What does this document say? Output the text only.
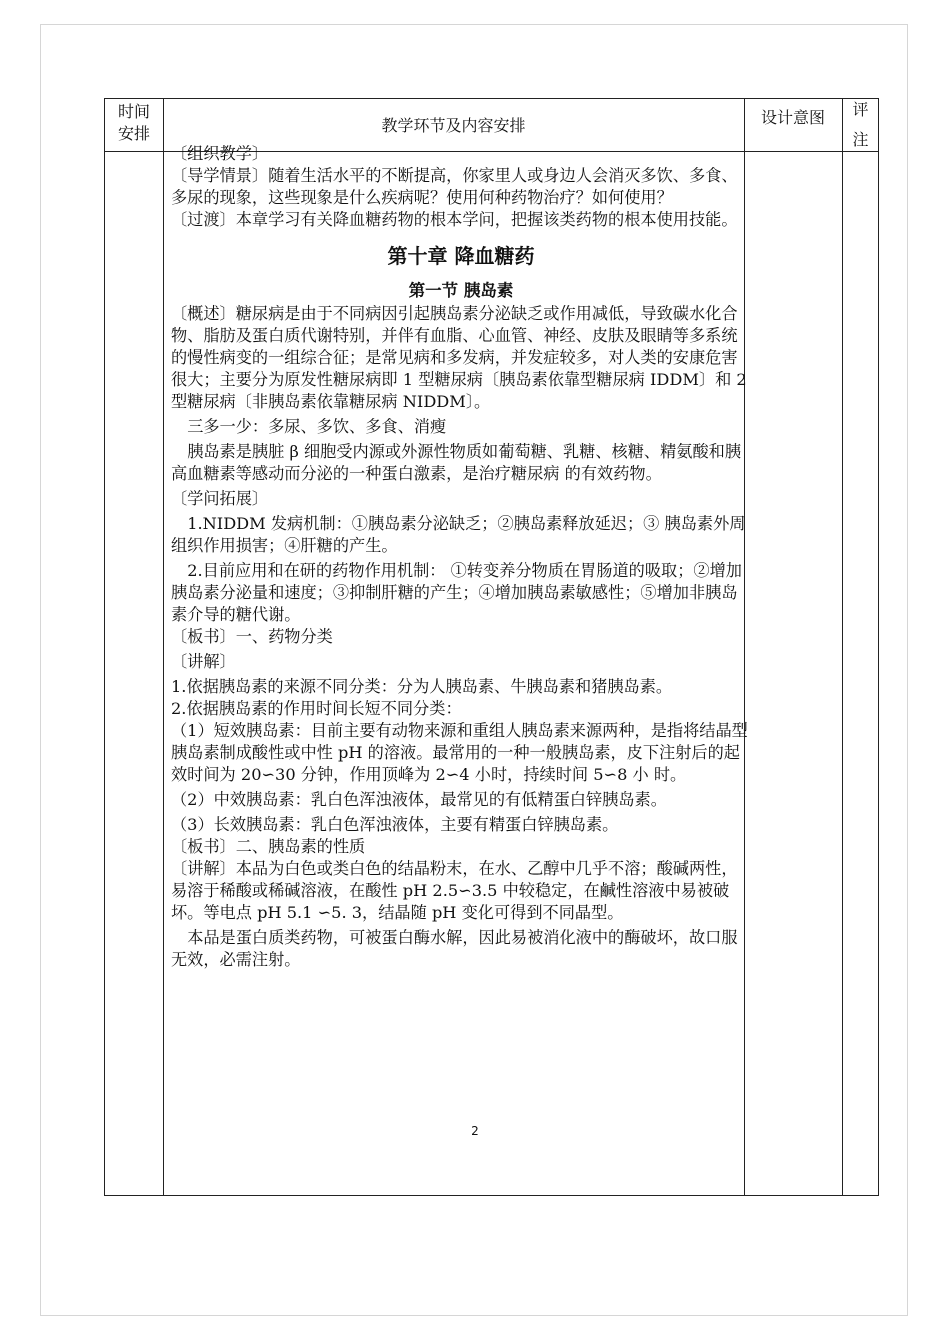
时间
安排	教学环节及内容安排	设计意图	评
注

〔组织教学〕

〔导学情景〕随着生活水平的不断提高，你家里人或身边人会消灭多饮、多食、多尿的现象，这些现象是什么疾病呢？使用何种药物治疗？如何使用？

〔过渡〕本章学习有关降血糖药物的根本学问，把握该类药物的根本使用技能。

第十章 降血糖药

第一节 胰岛素

〔概述〕糖尿病是由于不同病因引起胰岛素分泌缺乏或作用减低，导致碳水化合物、脂肪及蛋白质代谢特别，并伴有血脂、心血管、神经、皮肤及眼睛等多系统的慢性病变的一组综合征；是常见病和多发病，并发症较多，对人类的安康危害很大；主要分为原发性糖尿病即 1 型糖尿病〔胰岛素依靠型糖尿病 IDDM〕和 2 型糖尿病〔非胰岛素依靠糖尿病 NIDDM〕。

三多一少：多尿、多饮、多食、消瘦

胰岛素是胰脏 β 细胞受内源或外源性物质如葡萄糖、乳糖、核糖、精氨酸和胰高血糖素等感动而分泌的一种蛋白激素，是治疗糖尿病 的有效药物。

〔学问拓展〕

1.NIDDM 发病机制：①胰岛素分泌缺乏；②胰岛素释放延迟；③ 胰岛素外周组织作用损害；④肝糖的产生。

2.目前应用和在研的药物作用机制： ①转变养分物质在胃肠道的吸取；②增加胰岛素分泌量和速度；③抑制肝糖的产生；④增加胰岛素敏感性；⑤增加非胰岛素介导的糖代谢。

〔板书〕一、药物分类

〔讲解〕

1.依据胰岛素的来源不同分类：分为人胰岛素、牛胰岛素和猪胰岛素。

2.依据胰岛素的作用时间长短不同分类：

（1）短效胰岛素：目前主要有动物来源和重组人胰岛素来源两种，是指将结晶型胰岛素制成酸性或中性 pH 的溶液。最常用的一种一般胰岛素，皮下注射后的起效时间为 20∽30 分钟，作用顶峰为 2∽4 小时，持续时间 5∽8 小 时。

（2）中效胰岛素：乳白色浑浊液体，最常见的有低精蛋白锌胰岛素。

（3）长效胰岛素：乳白色浑浊液体，主要有精蛋白锌胰岛素。

〔板书〕二、胰岛素的性质

〔讲解〕本品为白色或类白色的结晶粉末，在水、乙醇中几乎不溶；酸碱两性，易溶于稀酸或稀碱溶液，在酸性 pH 2.5∽3.5 中较稳定，在鹹性溶液中易被破坏。等电点 pH 5.1 ∽5. 3，结晶随 pH 变化可得到不同晶型。

本品是蛋白质类药物，可被蛋白酶水解，因此易被消化液中的酶破坏，故口服无效，必需注射。

2
